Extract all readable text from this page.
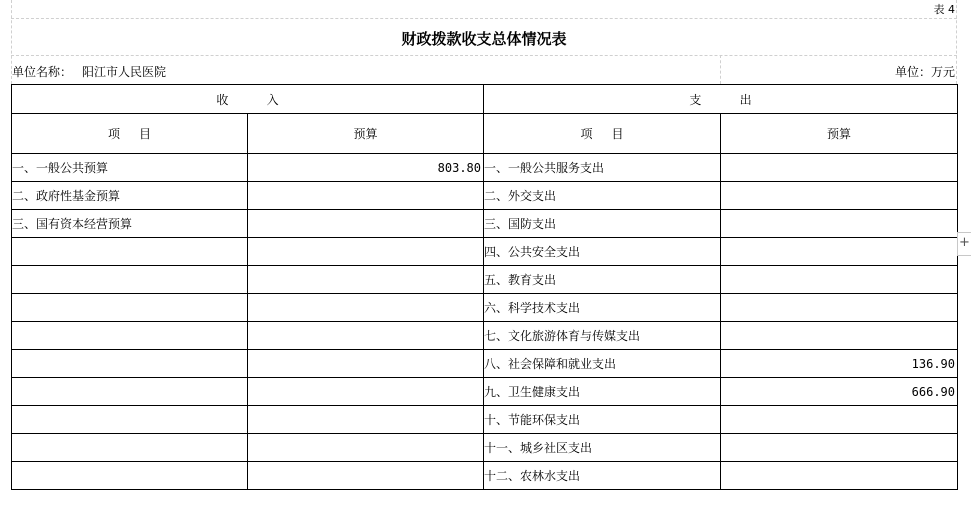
表 4
财政拨款收支总体情况表
单位名称： 阳江市人民医院	单位：万元
收          入		支          出	
项     目	预算	项     目	预算
一、一般公共预算	803.80	一、一般公共服务支出	
二、政府性基金预算		二、外交支出	
三、国有资本经营预算		三、国防支出	
		四、公共安全支出	
		五、教育支出	
		六、科学技术支出	
		七、文化旅游体育与传媒支出	
		八、社会保障和就业支出	136.90
		九、卫生健康支出	666.90
		十、节能环保支出	
		十一、城乡社区支出	
		十二、农林水支出	
+
